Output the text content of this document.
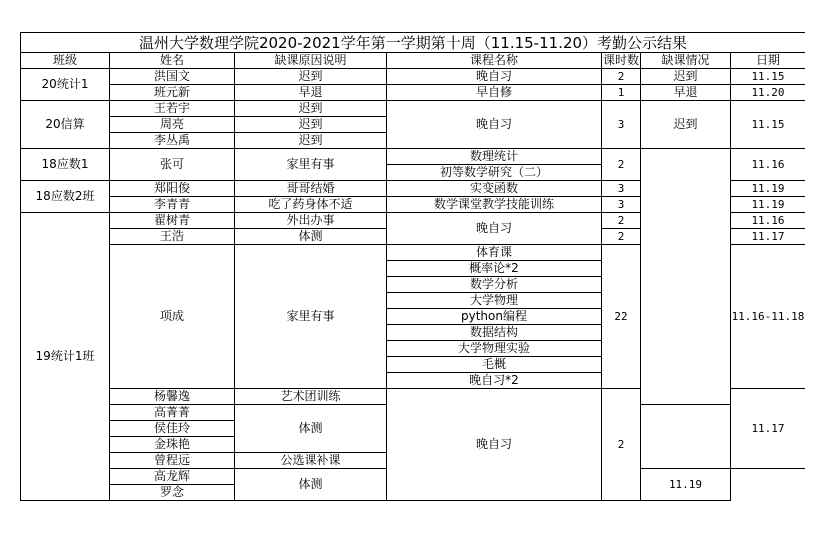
温州大学数理学院2020-2021学年第一学期第十周（11.15-11.20）考勤公示结果						
班级	姓名	缺课原因说明	课程名称	课时数	缺课情况	日期
20统计1	洪国文	迟到	晚自习	2	迟到	11.15
	班元新	早退	早自修	1	早退	11.20
20信算	王若宇	迟到	晚自习	3	迟到	11.15
	周亮	迟到				
	李丛禹	迟到				
18应数1	张可	家里有事	数理统计	2		11.16
			初等数学研究（二）			
18应数2班	郑阳俊	哥哥结婚	实变函数	3		11.19
	李青青	吃了药身体不适	数学课堂教学技能训练	3		11.19
19统计1班	翟树青	外出办事	晚自习	2		11.16
	王浩	体测		2		11.17
	项成	家里有事	体育课	22		11.16-11.18
			概率论*2			
			数学分析			
			大学物理			
			python编程			
			数据结构			
			大学物理实验			
			毛概			
			晚自习*2			
	杨馨逸	艺术团训练	晚自习	2		11.17
	高菁菁	体测				
	侯佳玲					
	金珠艳					
	曾程远	公选课补课				
	高龙辉	体测			11.19	
	罗念					
